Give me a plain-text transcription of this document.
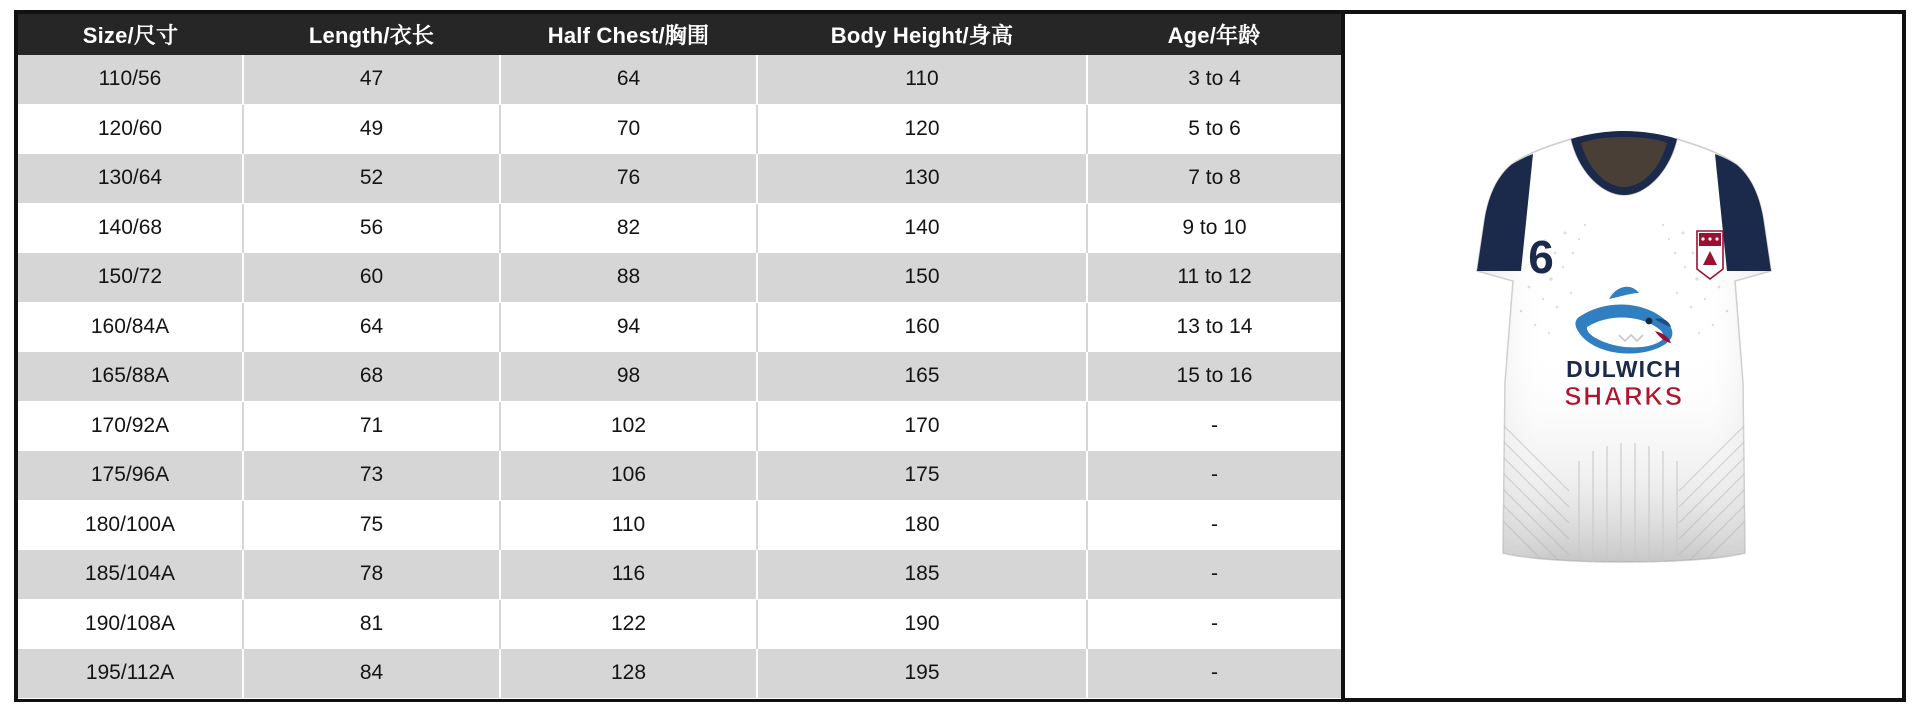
Size/尺寸	Length/衣长	Half Chest/胸围	Body Height/身高	Age/年龄
110/56	47	64	110	3 to 4
120/60	49	70	120	5 to 6
130/64	52	76	130	7 to 8
140/68	56	82	140	9 to 10
150/72	60	88	150	11 to 12
160/84A	64	94	160	13 to 14
165/88A	68	98	165	15 to 16
170/92A	71	102	170	-
175/96A	73	106	175	-
180/100A	75	110	180	-
185/104A	78	116	185	-
190/108A	81	122	190	-
195/112A	84	128	195	-
6
DULWICH
SHARKS
